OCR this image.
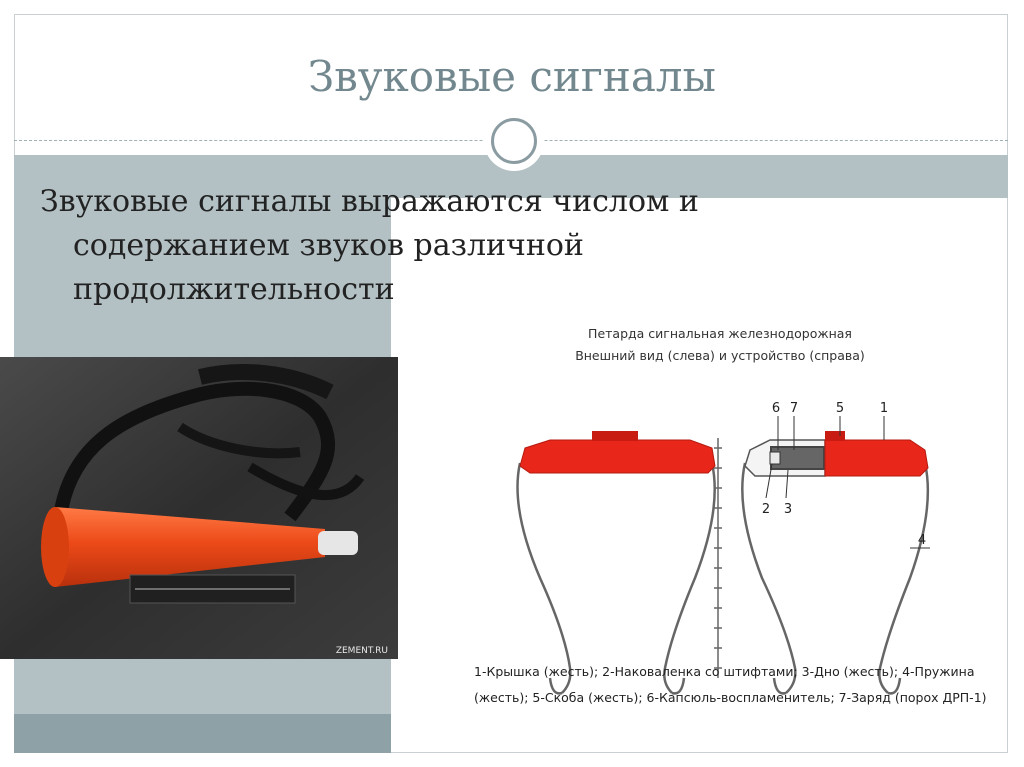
Звуковые сигналы
Звуковые сигналы выражаются числом и
содержанием звуков различной
продолжительности
ZEMENT.RU
Петарда сигнальная железнодорожная
Внешний вид (слева) и устройство (справа)
6 7	5	1
2 3
4
1-Крышка (жесть); 2-Наковаленка со штифтами; 3-Дно (жесть); 4-Пружина
(жесть); 5-Скоба (жесть); 6-Капсюль-воспламенитель; 7-Заряд (порох ДРП-1)
